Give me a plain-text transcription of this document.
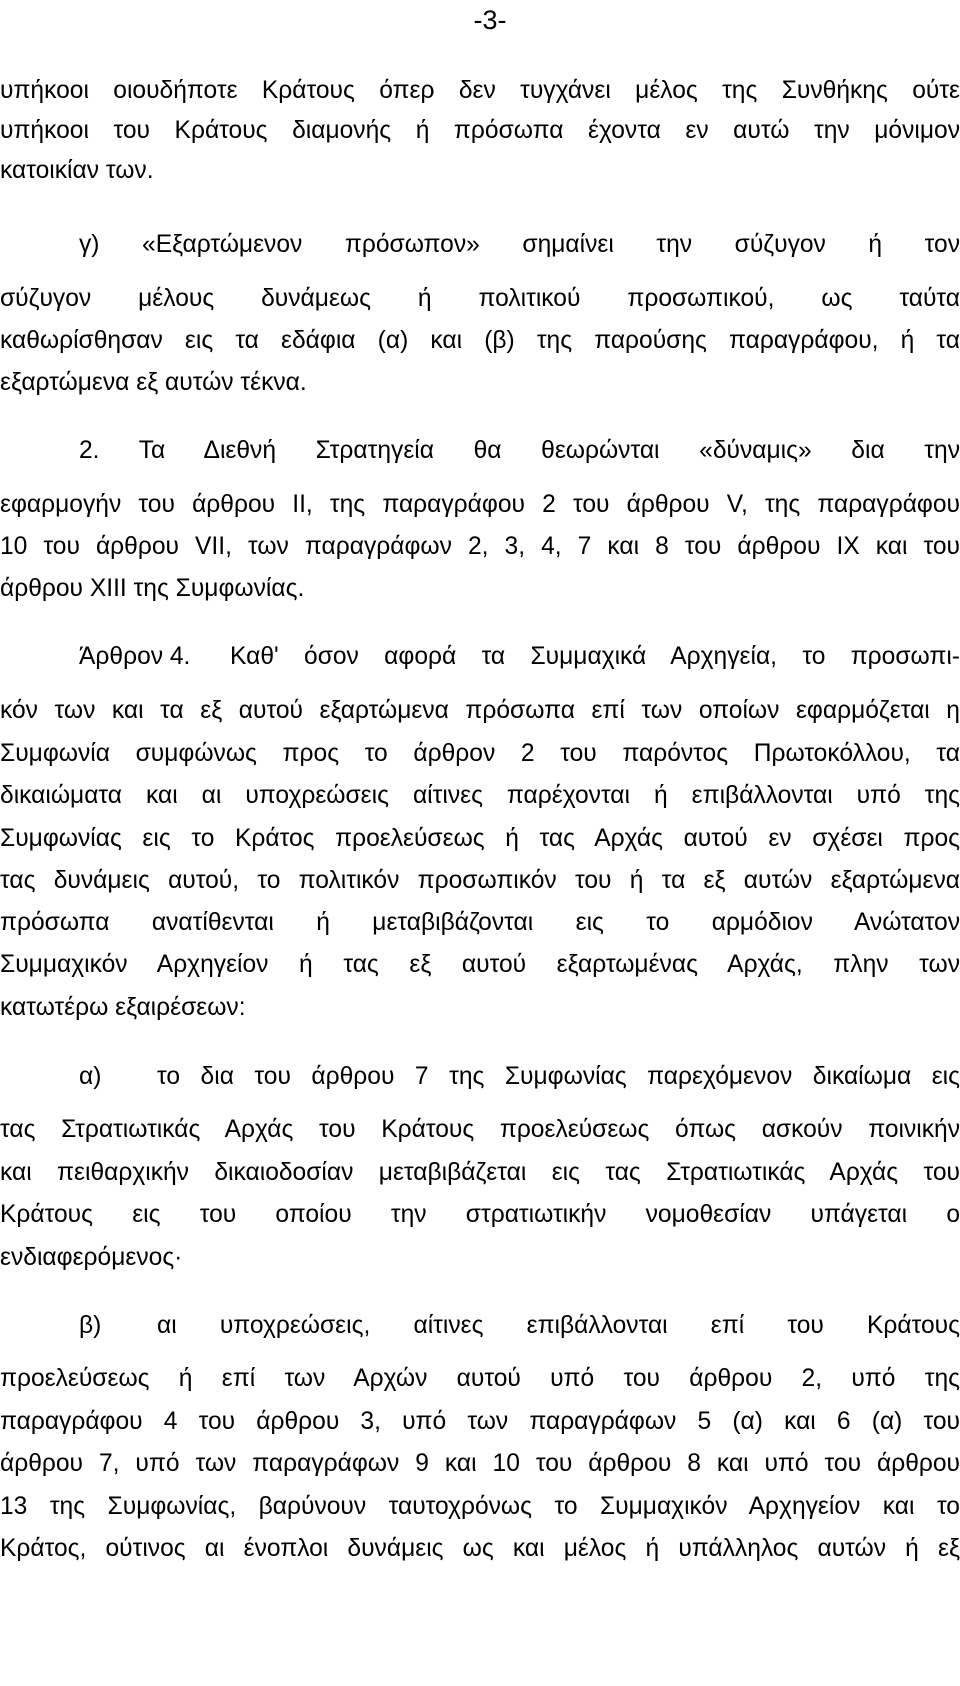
-3-
υπήκοοι οιουδήποτε Κράτους όπερ δεν τυγχάνει μέλος της Συνθήκης ούτε
υπήκοοι του Κράτους διαμονής ή πρόσωπα έχοντα εν αυτώ την μόνιμον
κατοικίαν των.
γ) «Εξαρτώμενον πρόσωπον» σημαίνει την σύζυγον ή τον
σύζυγον μέλους δυνάμεως ή πολιτικού προσωπικού, ως ταύτα
καθωρίσθησαν εις τα εδάφια (α) και (β) της παρούσης παραγράφου, ή τα
εξαρτώμενα εξ αυτών τέκνα.
2. Τα Διεθνή Στρατηγεία θα θεωρώνται «δύναμις» δια την
εφαρμογήν του άρθρου ΙΙ, της παραγράφου 2 του άρθρου V, της παραγράφου
10 του άρθρου VII, των παραγράφων 2, 3, 4, 7 και 8 του άρθρου ΙΧ και του
άρθρου XIII της Συμφωνίας.
Άρθρον 4.	Καθ' όσον αφορά τα Συμμαχικά Αρχηγεία, το προσωπι-
κόν των και τα εξ αυτού εξαρτώμενα πρόσωπα επί των οποίων εφαρμόζεται η
Συμφωνία συμφώνως προς το άρθρον 2 του παρόντος Πρωτοκόλλου, τα
δικαιώματα και αι υποχρεώσεις αίτινες παρέχονται ή επιβάλλονται υπό της
Συμφωνίας εις το Κράτος προελεύσεως ή τας Αρχάς αυτού εν σχέσει προς
τας δυνάμεις αυτού, το πολιτικόν προσωπικόν του ή τα εξ αυτών εξαρτώμενα
πρόσωπα ανατίθενται ή μεταβιβάζονται εις το αρμόδιον Ανώτατον
Συμμαχικόν Αρχηγείον ή τας εξ αυτού εξαρτωμένας Αρχάς, πλην των
κατωτέρω εξαιρέσεων:
α)	το δια του άρθρου 7 της Συμφωνίας παρεχόμενον δικαίωμα εις
τας Στρατιωτικάς Αρχάς του Κράτους προελεύσεως όπως ασκούν ποινικήν
και πειθαρχικήν δικαιοδοσίαν μεταβιβάζεται εις τας Στρατιωτικάς Αρχάς του
Κράτους εις του οποίου την στρατιωτικήν νομοθεσίαν υπάγεται ο
ενδιαφερόμενος·
β)	αι υποχρεώσεις, αίτινες επιβάλλονται επί του Κράτους
προελεύσεως ή επί των Αρχών αυτού υπό του άρθρου 2, υπό της
παραγράφου 4 του άρθρου 3, υπό των παραγράφων 5 (α) και 6 (α) του
άρθρου 7, υπό των παραγράφων 9 και 10 του άρθρου 8 και υπό του άρθρου
13 της Συμφωνίας, βαρύνουν ταυτοχρόνως το Συμμαχικόν Αρχηγείον και το
Κράτος, ούτινος αι ένοπλοι δυνάμεις ως και μέλος ή υπάλληλος αυτών ή εξ
